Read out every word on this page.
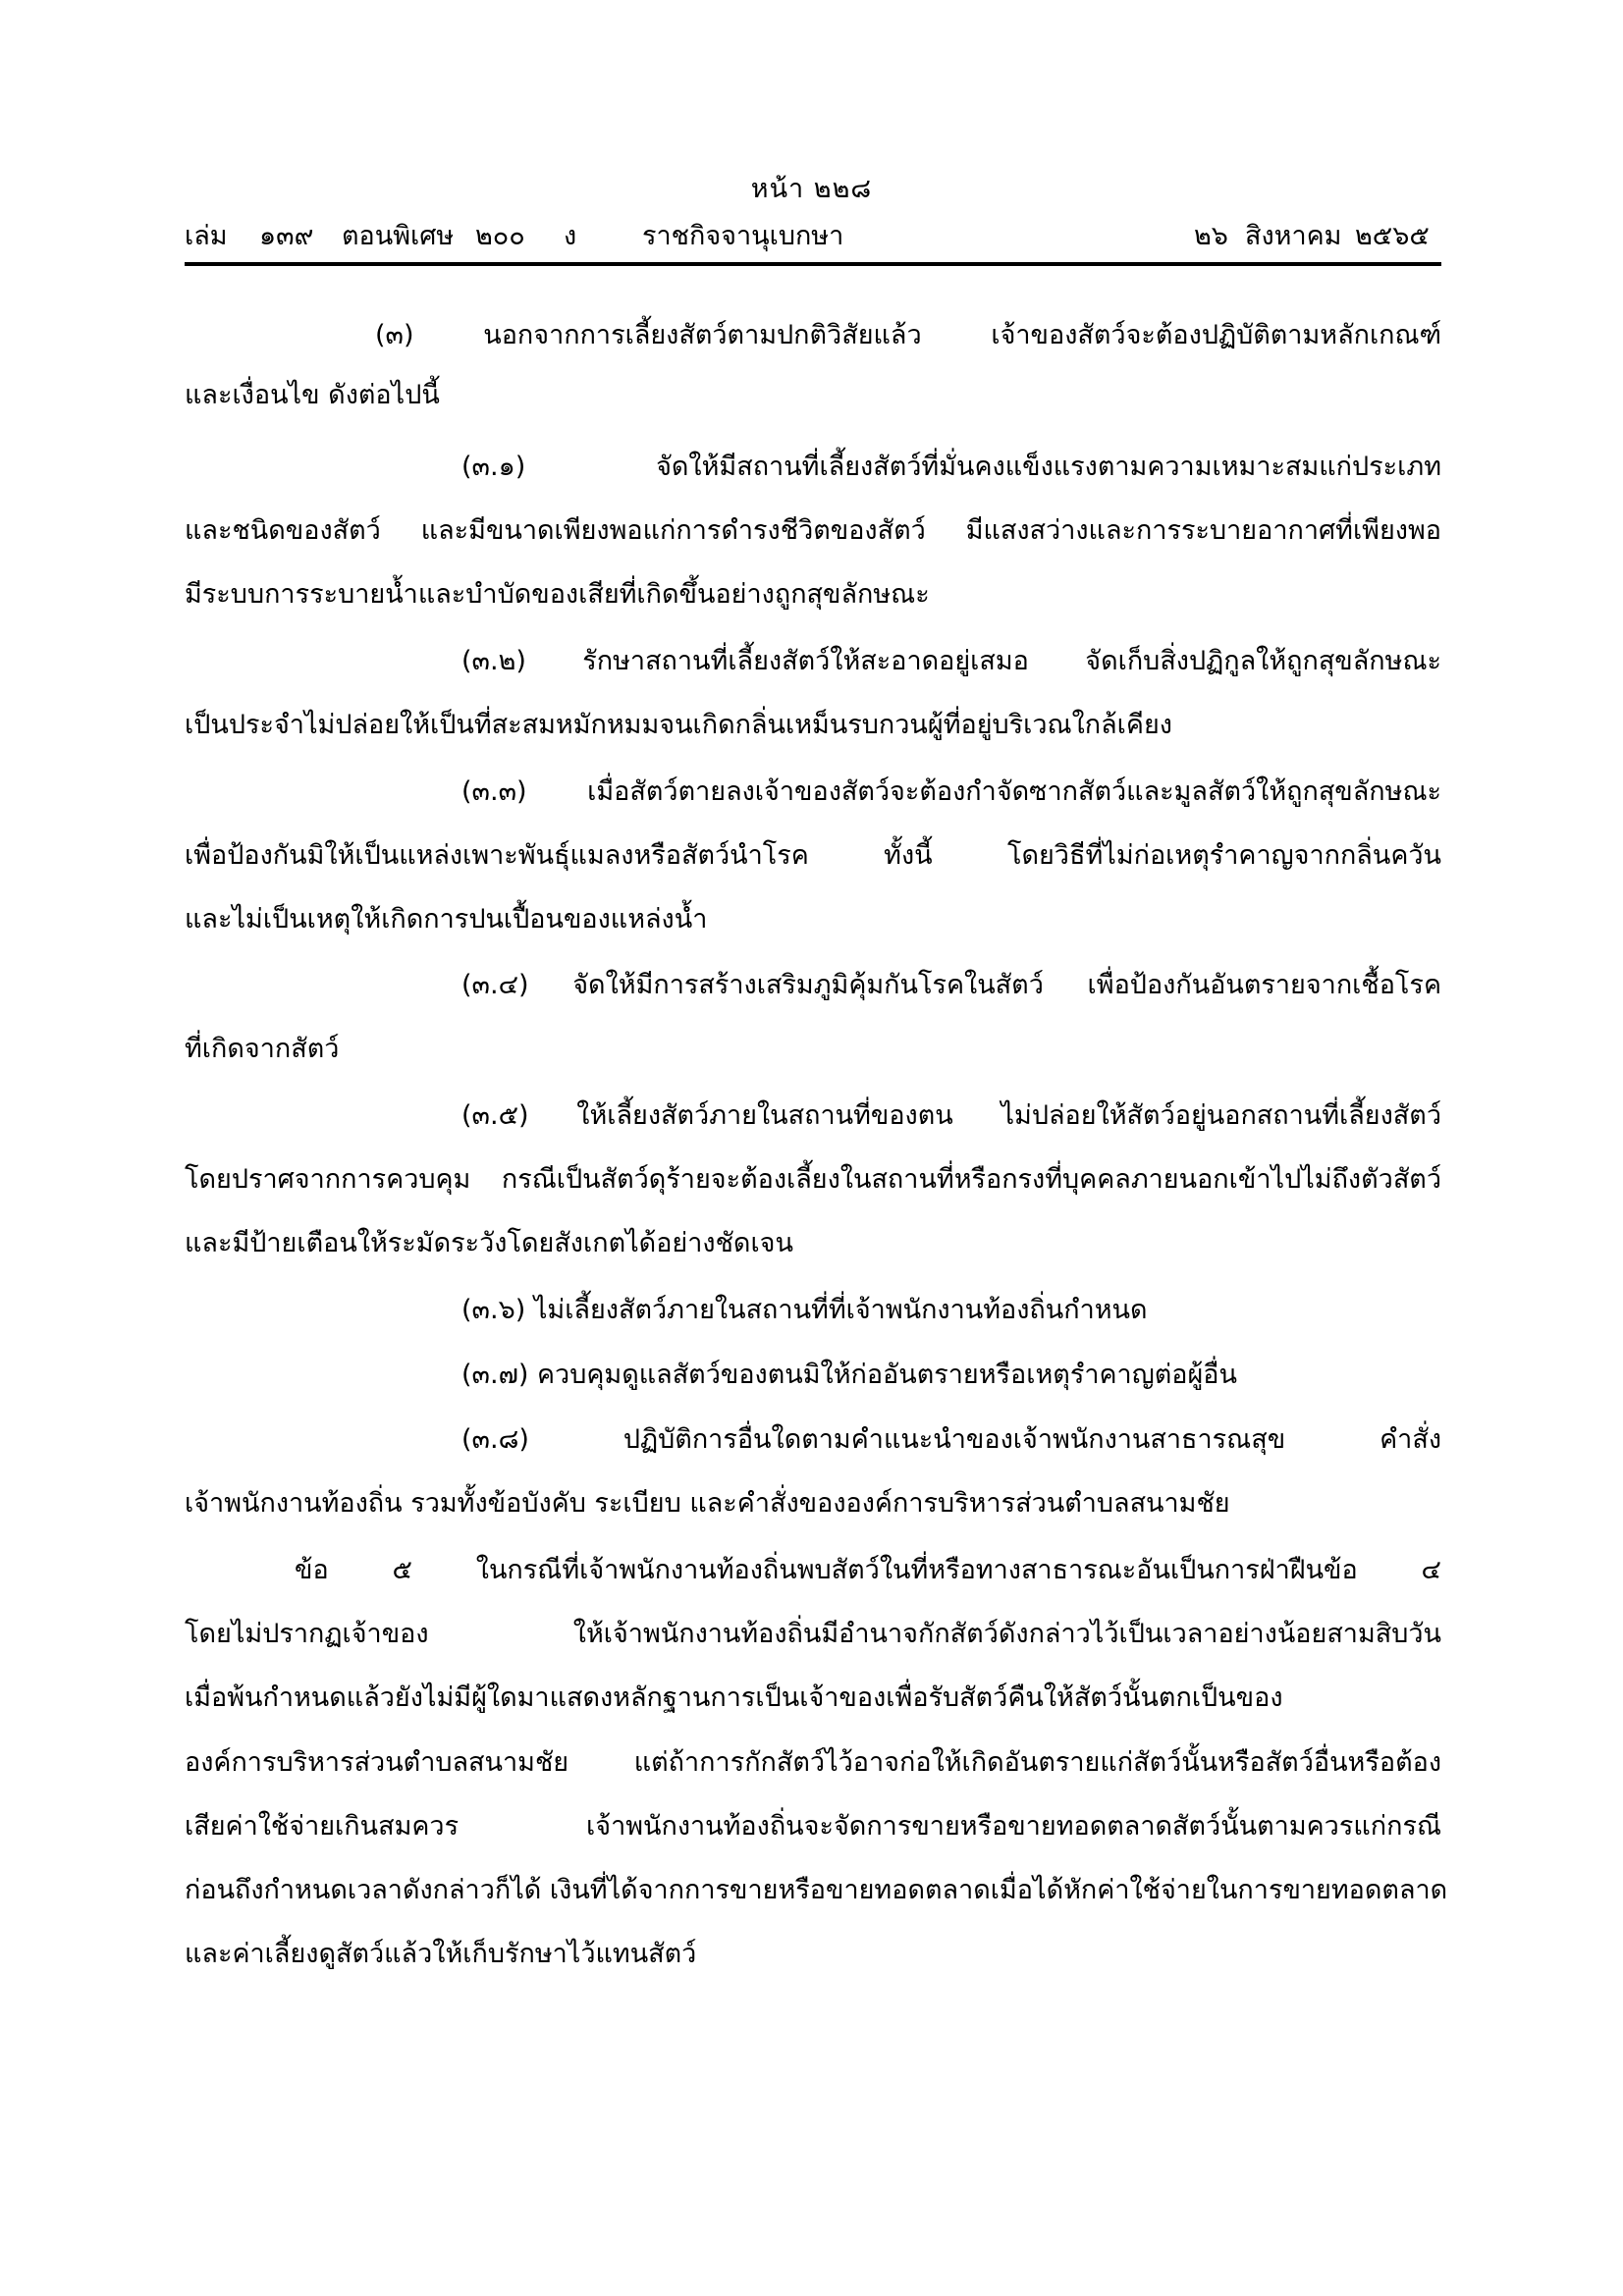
หน้า ๒๒๘
เล่ม ๑๓๙ ตอนพิเศษ ๒๐๐ ง ราชกิจจานุเบกษา	๒๖ สิงหาคม ๒๕๖๕
(๓) นอกจากการเลี้ยงสัตว์ตามปกติวิสัยแล้ว เจ้าของสัตว์จะต้องปฏิบัติตามหลักเกณฑ์
และเงื่อนไข ดังต่อไปนี้
(๓.๑) จัดให้มีสถานที่เลี้ยงสัตว์ที่มั่นคงแข็งแรงตามความเหมาะสมแก่ประเภท
และชนิดของสัตว์ และมีขนาดเพียงพอแก่การดำรงชีวิตของสัตว์ มีแสงสว่างและการระบายอากาศที่เพียงพอ
มีระบบการระบายน้ำและบำบัดของเสียที่เกิดขึ้นอย่างถูกสุขลักษณะ
(๓.๒) รักษาสถานที่เลี้ยงสัตว์ให้สะอาดอยู่เสมอ จัดเก็บสิ่งปฏิกูลให้ถูกสุขลักษณะ
เป็นประจำไม่ปล่อยให้เป็นที่สะสมหมักหมมจนเกิดกลิ่นเหม็นรบกวนผู้ที่อยู่บริเวณใกล้เคียง
(๓.๓) เมื่อสัตว์ตายลงเจ้าของสัตว์จะต้องกำจัดซากสัตว์และมูลสัตว์ให้ถูกสุขลักษณะ
เพื่อป้องกันมิให้เป็นแหล่งเพาะพันธุ์แมลงหรือสัตว์นำโรค ทั้งนี้ โดยวิธีที่ไม่ก่อเหตุรำคาญจากกลิ่นควัน
และไม่เป็นเหตุให้เกิดการปนเปื้อนของแหล่งน้ำ
(๓.๔) จัดให้มีการสร้างเสริมภูมิคุ้มกันโรคในสัตว์ เพื่อป้องกันอันตรายจากเชื้อโรค
ที่เกิดจากสัตว์
(๓.๕) ให้เลี้ยงสัตว์ภายในสถานที่ของตน ไม่ปล่อยให้สัตว์อยู่นอกสถานที่เลี้ยงสัตว์
โดยปราศจากการควบคุม กรณีเป็นสัตว์ดุร้ายจะต้องเลี้ยงในสถานที่หรือกรงที่บุคคลภายนอกเข้าไปไม่ถึงตัวสัตว์
และมีป้ายเตือนให้ระมัดระวังโดยสังเกตได้อย่างชัดเจน
(๓.๖) ไม่เลี้ยงสัตว์ภายในสถานที่ที่เจ้าพนักงานท้องถิ่นกำหนด
(๓.๗) ควบคุมดูแลสัตว์ของตนมิให้ก่ออันตรายหรือเหตุรำคาญต่อผู้อื่น
(๓.๘) ปฏิบัติการอื่นใดตามคำแนะนำของเจ้าพนักงานสาธารณสุข คำสั่ง
เจ้าพนักงานท้องถิ่น รวมทั้งข้อบังคับ ระเบียบ และคำสั่งขององค์การบริหารส่วนตำบลสนามชัย
ข้อ ๕ ในกรณีที่เจ้าพนักงานท้องถิ่นพบสัตว์ในที่หรือทางสาธารณะอันเป็นการฝ่าฝืนข้อ ๔
โดยไม่ปรากฏเจ้าของ ให้เจ้าพนักงานท้องถิ่นมีอำนาจกักสัตว์ดังกล่าวไว้เป็นเวลาอย่างน้อยสามสิบวัน
เมื่อพ้นกำหนดแล้วยังไม่มีผู้ใดมาแสดงหลักฐานการเป็นเจ้าของเพื่อรับสัตว์คืนให้สัตว์นั้นตกเป็นของ
องค์การบริหารส่วนตำบลสนามชัย แต่ถ้าการกักสัตว์ไว้อาจก่อให้เกิดอันตรายแก่สัตว์นั้นหรือสัตว์อื่นหรือต้อง
เสียค่าใช้จ่ายเกินสมควร เจ้าพนักงานท้องถิ่นจะจัดการขายหรือขายทอดตลาดสัตว์นั้นตามควรแก่กรณี
ก่อนถึงกำหนดเวลาดังกล่าวก็ได้ เงินที่ได้จากการขายหรือขายทอดตลาดเมื่อได้หักค่าใช้จ่ายในการขายทอดตลาด
และค่าเลี้ยงดูสัตว์แล้วให้เก็บรักษาไว้แทนสัตว์
